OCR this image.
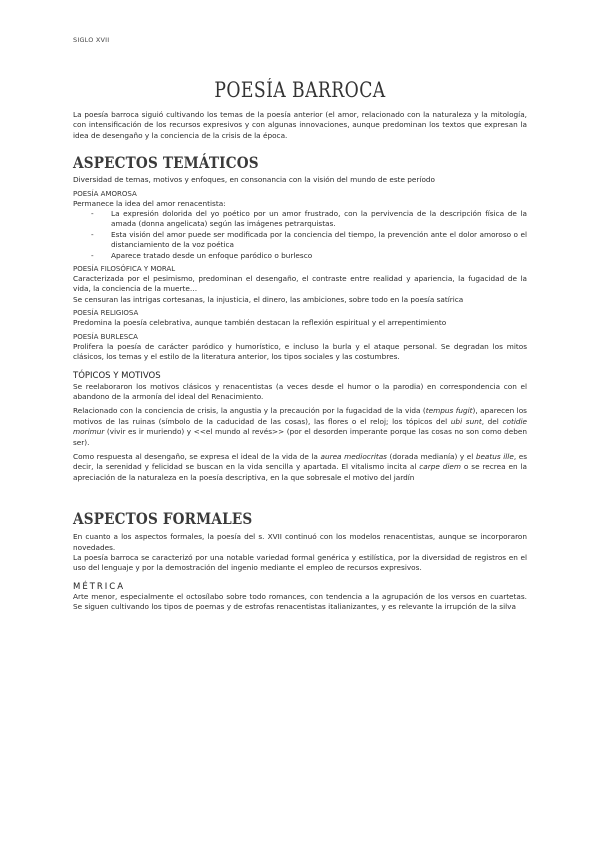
SIGLO XVII
POESÍA BARROCA

La poesía barroca siguió cultivando los temas de la poesía anterior (el amor, relacionado con la naturaleza y la mitología, con intensificación de los recursos expresivos y con algunas innovaciones, aunque predominan los textos que expresan la idea de desengaño y la conciencia de la crisis de la época.

ASPECTOS TEMÁTICOS

Diversidad de temas, motivos y enfoques, en consonancia con la visión del mundo de este período

POESÍA AMOROSA

Permanece la idea del amor renacentista:

- La expresión dolorida del yo poético por un amor frustrado, con la pervivencia de la descripción física de la amada (donna angelicata) según las imágenes petrarquistas.
- Esta visión del amor puede ser modificada por la conciencia del tiempo, la prevención ante el dolor amoroso o el distanciamiento de la voz poética
- Aparece tratado desde un enfoque paródico o burlesco
POESÍA FILOSÓFICA Y MORAL

Caracterizada por el pesimismo, predominan el desengaño, el contraste entre realidad y apariencia, la fugacidad de la vida, la conciencia de la muerte…

Se censuran las intrigas cortesanas, la injusticia, el dinero, las ambiciones, sobre todo en la poesía satírica

POESÍA RELIGIOSA

Predomina la poesía celebrativa, aunque también destacan la reflexión espiritual y el arrepentimiento

POESÍA BURLESCA

Prolifera la poesía de carácter paródico y humorístico, e incluso la burla y el ataque personal. Se degradan los mitos clásicos, los temas y el estilo de la literatura anterior, los tipos sociales y las costumbres.

TÓPICOS Y MOTIVOS

Se reelaboraron los motivos clásicos y renacentistas (a veces desde el humor o la parodia) en correspondencia con el abandono de la armonía del ideal del Renacimiento.

Relacionado con la conciencia de crisis, la angustia y la precaución por la fugacidad de la vida (tempus fugit), aparecen los motivos de las ruinas (símbolo de la caducidad de las cosas), las flores o el reloj; los tópicos del ubi sunt, del cotidie morimur (vivir es ir muriendo) y <<el mundo al revés>> (por el desorden imperante porque las cosas no son como deben ser).

Como respuesta al desengaño, se expresa el ideal de la vida de la aurea mediocritas (dorada medianía) y el beatus ille, es decir, la serenidad y felicidad se buscan en la vida sencilla y apartada. El vitalismo incita al carpe diem o se recrea en la apreciación de la naturaleza en la poesía descriptiva, en la que sobresale el motivo del jardín

ASPECTOS FORMALES

En cuanto a los aspectos formales, la poesía del s. XVII continuó con los modelos renacentistas, aunque se incorporaron novedades.

La poesía barroca se caracterizó por una notable variedad formal genérica y estilística, por la diversidad de registros en el uso del lenguaje y por la demostración del ingenio mediante el empleo de recursos expresivos.

MÉTRICA

Arte menor, especialmente el octosílabo sobre todo romances, con tendencia a la agrupación de los versos en cuartetas. Se siguen cultivando los tipos de poemas y de estrofas renacentistas italianizantes, y es relevante la irrupción de la silva
